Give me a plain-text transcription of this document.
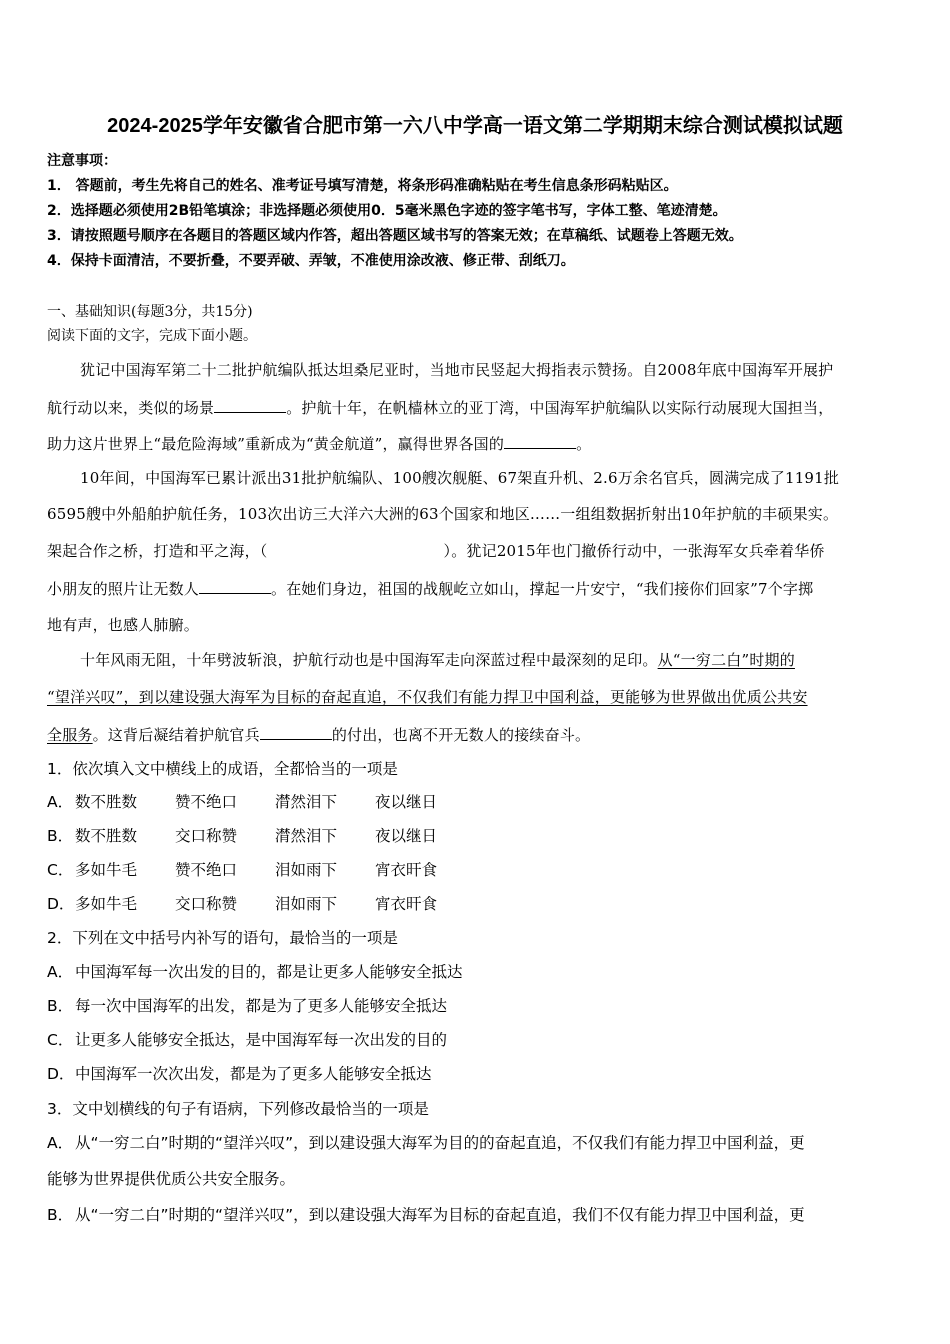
2024-2025学年安徽省合肥市第一六八中学高一语文第二学期期末综合测试模拟试题
注意事项：
1． 答题前，考生先将自己的姓名、准考证号填写清楚，将条形码准确粘贴在考生信息条形码粘贴区。
2．选择题必须使用2B铅笔填涂；非选择题必须使用0．5毫米黑色字迹的签字笔书写，字体工整、笔迹清楚。
3．请按照题号顺序在各题目的答题区域内作答，超出答题区域书写的答案无效；在草稿纸、试题卷上答题无效。
4．保持卡面清洁，不要折叠，不要弄破、弄皱，不准使用涂改液、修正带、刮纸刀。
一、基础知识(每题3分，共15分)
阅读下面的文字，完成下面小题。
犹记中国海军第二十二批护航编队抵达坦桑尼亚时，当地市民竖起大拇指表示赞扬。自2008年底中国海军开展护
航行动以来，类似的场景	。护航十年，在帆樯林立的亚丁湾，中国海军护航编队以实际行动展现大国担当，
助力这片世界上“最危险海域”重新成为“黄金航道”，赢得世界各国的	。
10年间，中国海军已累计派出31批护航编队、100艘次舰艇、67架直升机、2.6万余名官兵，圆满完成了1191批
6595艘中外船舶护航任务，103次出访三大洋六大洲的63个国家和地区……一组组数据折射出10年护航的丰硕果实。
架起合作之桥，打造和平之海，（	）。犹记2015年也门撤侨行动中，一张海军女兵牵着华侨
小朋友的照片让无数人	。在她们身边，祖国的战舰屹立如山，撑起一片安宁，“我们接你们回家”7个字掷
地有声，也感人肺腑。
十年风雨无阻，十年劈波斩浪，护航行动也是中国海军走向深蓝过程中最深刻的足印。从“一穷二白”时期的
“望洋兴叹”，到以建设强大海军为目标的奋起直追，不仅我们有能力捍卫中国利益，更能够为世界做出优质公共安
全服务。这背后凝结着护航官兵	的付出，也离不开无数人的接续奋斗。
1．依次填入文中横线上的成语，全都恰当的一项是
A． 数不胜数 赞不绝口 潸然泪下 夜以继日
B． 数不胜数 交口称赞 潸然泪下 夜以继日
C． 多如牛毛 赞不绝口 泪如雨下 宵衣旰食
D．多如牛毛 交口称赞 泪如雨下 宵衣旰食
2．下列在文中括号内补写的语句，最恰当的一项是
A． 中国海军每一次出发的目的，都是让更多人能够安全抵达
B． 每一次中国海军的出发，都是为了更多人能够安全抵达
C． 让更多人能够安全抵达，是中国海军每一次出发的目的
D．中国海军一次次出发，都是为了更多人能够安全抵达
3．文中划横线的句子有语病，下列修改最恰当的一项是
A． 从“一穷二白”时期的“望洋兴叹”，到以建设强大海军为目的的奋起直追，不仅我们有能力捍卫中国利益，更
能够为世界提供优质公共安全服务。
B． 从“一穷二白”时期的“望洋兴叹”，到以建设强大海军为目标的奋起直追，我们不仅有能力捍卫中国利益，更
